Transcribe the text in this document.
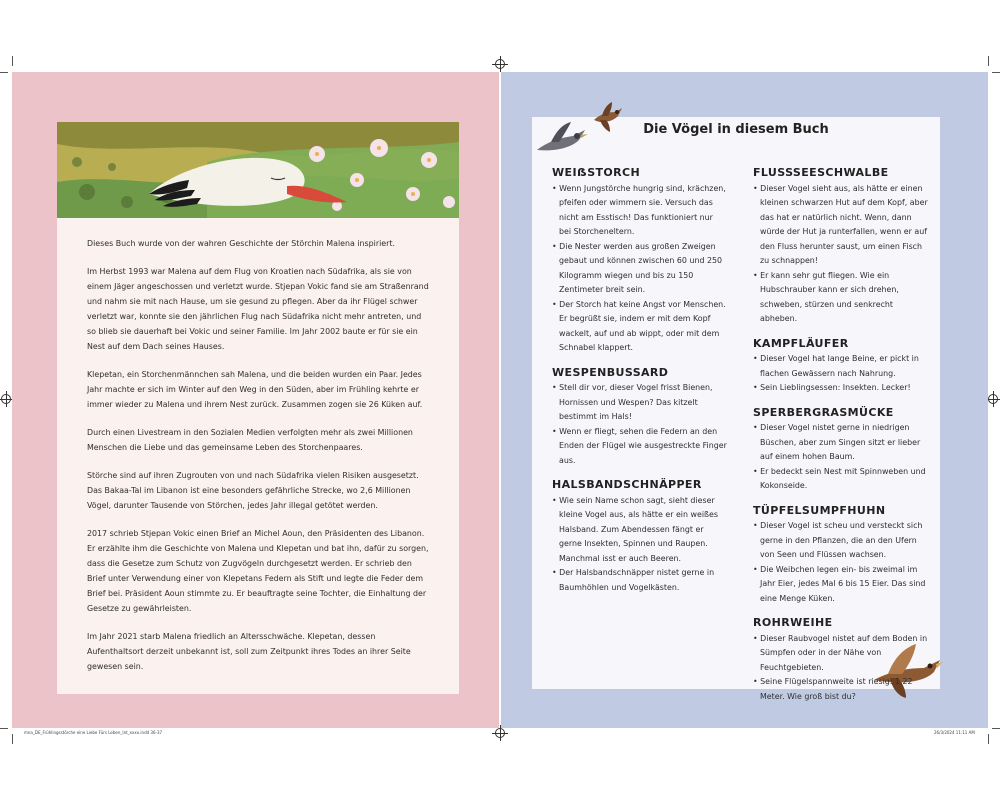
Dieses Buch wurde von der wahren Geschichte der Störchin Malena inspiriert.

Im Herbst 1993 war Malena auf dem Flug von Kroatien nach Südafrika, als sie von einem Jäger angeschossen und verletzt wurde. Stjepan Vokic fand sie am Straßenrand und nahm sie mit nach Hause, um sie gesund zu pflegen. Aber da ihr Flügel schwer verletzt war, konnte sie den jährlichen Flug nach Südafrika nicht mehr antreten, und so blieb sie dauerhaft bei Vokic und seiner Familie. Im Jahr 2002 baute er für sie ein Nest auf dem Dach seines Hauses.

Klepetan, ein Storchenmännchen sah Malena, und die beiden wurden ein Paar. Jedes Jahr machte er sich im Winter auf den Weg in den Süden, aber im Frühling kehrte er immer wieder zu Malena und ihrem Nest zurück. Zusammen zogen sie 26 Küken auf.

Durch einen Livestream in den Sozialen Medien verfolgten mehr als zwei Millionen Menschen die Liebe und das gemeinsame Leben des Storchenpaares.

Störche sind auf ihren Zugrouten von und nach Südafrika vielen Risiken ausgesetzt. Das Bakaa-Tal im Libanon ist eine besonders gefährliche Strecke, wo 2,6 Millionen Vögel, darunter Tausende von Störchen, jedes Jahr illegal getötet werden.

2017 schrieb Stjepan Vokic einen Brief an Michel Aoun, den Präsidenten des Libanon. Er erzählte ihm die Geschichte von Malena und Klepetan und bat ihn, dafür zu sorgen, dass die Gesetze zum Schutz von Zugvögeln durchgesetzt werden. Er schrieb den Brief unter Verwendung einer von Klepetans Federn als Stift und legte die Feder dem Brief bei. Präsident Aoun stimmte zu. Er beauftragte seine Tochter, die Einhaltung der Gesetze zu gewährleisten.

Im Jahr 2021 starb Malena friedlich an Altersschwäche. Klepetan, dessen Aufenthaltsort derzeit unbekannt ist, soll zum Zeitpunkt ihres Todes an ihrer Seite gewesen sein.

Die Vögel in diesem Buch
WEIẞSTORCH
• Wenn Jungstörche hungrig sind, krächzen, pfeifen oder wimmern sie. Versuch das nicht am Esstisch! Das funktioniert nur bei Storcheneltern.
• Die Nester werden aus großen Zweigen gebaut und können zwischen 60 und 250 Kilogramm wiegen und bis zu 150 Zentimeter breit sein.
• Der Storch hat keine Angst vor Menschen. Er begrüßt sie, indem er mit dem Kopf wackelt, auf und ab wippt, oder mit dem Schnabel klappert.
WESPENBUSSARD
• Stell dir vor, dieser Vogel frisst Bienen, Hornissen und Wespen? Das kitzelt bestimmt im Hals!
• Wenn er fliegt, sehen die Federn an den Enden der Flügel wie ausgestreckte Finger aus.
HALSBANDSCHNÄPPER
• Wie sein Name schon sagt, sieht dieser kleine Vogel aus, als hätte er ein weißes Halsband. Zum Abendessen fängt er gerne Insekten, Spinnen und Raupen. Manchmal isst er auch Beeren.
• Der Halsbandschnäpper nistet gerne in Baumhöhlen und Vogelkästen.
FLUSSSEESCHWALBE
• Dieser Vogel sieht aus, als hätte er einen kleinen schwarzen Hut auf dem Kopf, aber das hat er natürlich nicht. Wenn, dann würde der Hut ja runterfallen, wenn er auf den Fluss herunter saust, um einen Fisch zu schnappen!
• Er kann sehr gut fliegen. Wie ein Hubschrauber kann er sich drehen, schweben, stürzen und senkrecht abheben.
KAMPFLÄUFER
• Dieser Vogel hat lange Beine, er pickt in flachen Gewässern nach Nahrung.
• Sein Lieblingsessen: Insekten. Lecker!
SPERBERGRASMÜCKE
• Dieser Vogel nistet gerne in niedrigen Büschen, aber zum Singen sitzt er lieber auf einem hohen Baum.
• Er bedeckt sein Nest mit Spinnweben und Kokonseide.
TÜPFELSUMPFHUHN
• Dieser Vogel ist scheu und versteckt sich gerne in den Pflanzen, die an den Ufern von Seen und Flüssen wachsen.
• Die Weibchen legen ein- bis zweimal im Jahr Eier, jedes Mal 6 bis 15 Eier. Das sind eine Menge Küken.
ROHRWEIHE
• Dieser Raubvogel nistet auf dem Boden in Sümpfen oder in der Nähe von Feuchtgebieten.
• Seine Flügelspannweite ist riesig: 1,22 Meter. Wie groß bist du?
mna_DE_Frühlingsstörche eine Liebe Fürs Leben_Int_xxxx.indd 36-37	26/3/2024 11:11 AM
